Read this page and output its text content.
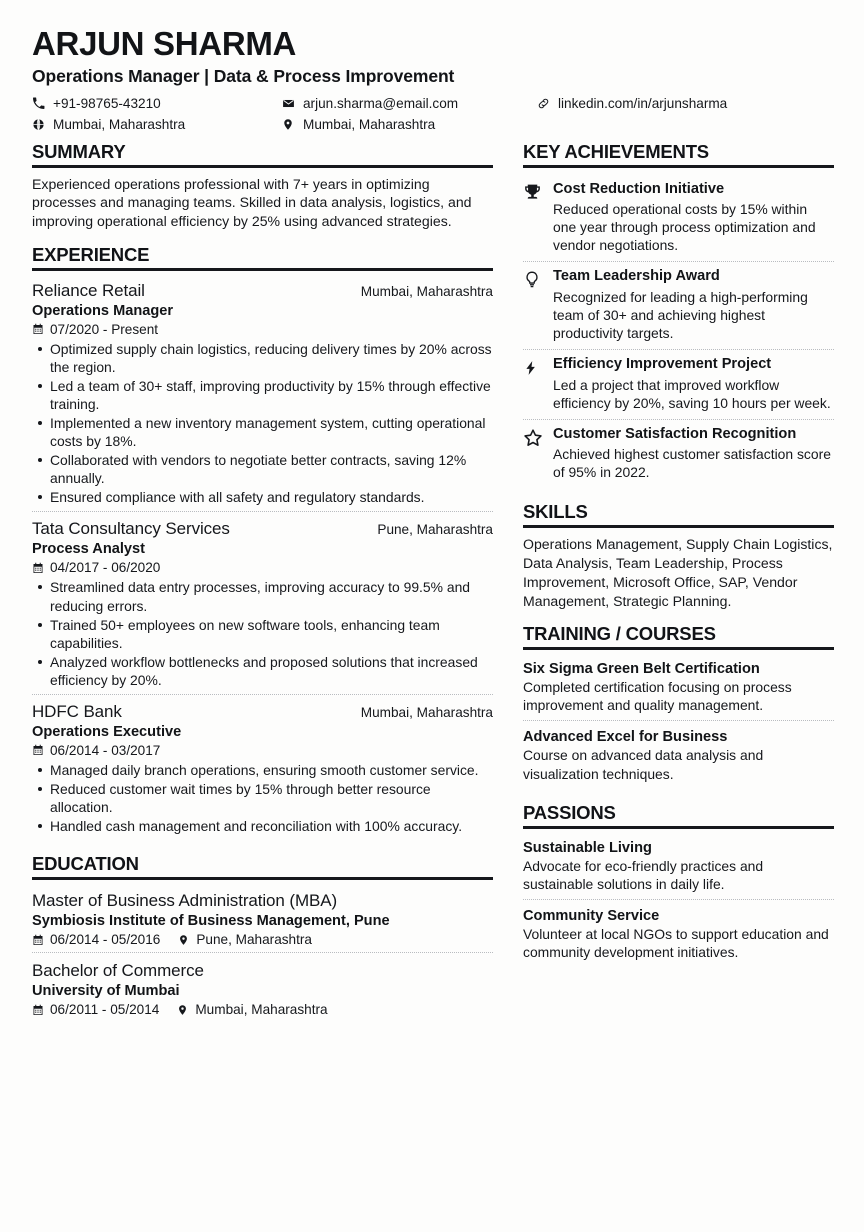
ARJUN SHARMA
Operations Manager | Data & Process Improvement
+91-98765-43210
Mumbai, Maharashtra
arjun.sharma@email.com
Mumbai, Maharashtra
linkedin.com/in/arjunsharma
SUMMARY
Experienced operations professional with 7+ years in optimizing processes and managing teams. Skilled in data analysis, logistics, and improving operational efficiency by 25% using advanced strategies.
EXPERIENCE
Reliance Retail	Mumbai, Maharashtra
Operations Manager
07/2020 - Present
Optimized supply chain logistics, reducing delivery times by 20% across the region.
Led a team of 30+ staff, improving productivity by 15% through effective training.
Implemented a new inventory management system, cutting operational costs by 18%.
Collaborated with vendors to negotiate better contracts, saving 12% annually.
Ensured compliance with all safety and regulatory standards.
Tata Consultancy Services	Pune, Maharashtra
Process Analyst
04/2017 - 06/2020
Streamlined data entry processes, improving accuracy to 99.5% and reducing errors.
Trained 50+ employees on new software tools, enhancing team capabilities.
Analyzed workflow bottlenecks and proposed solutions that increased efficiency by 20%.
HDFC Bank	Mumbai, Maharashtra
Operations Executive
06/2014 - 03/2017
Managed daily branch operations, ensuring smooth customer service.
Reduced customer wait times by 15% through better resource allocation.
Handled cash management and reconciliation with 100% accuracy.
EDUCATION
Master of Business Administration (MBA)
Symbiosis Institute of Business Management, Pune
06/2014 - 05/2016	Pune, Maharashtra
Bachelor of Commerce
University of Mumbai
06/2011 - 05/2014	Mumbai, Maharashtra
KEY ACHIEVEMENTS
Cost Reduction Initiative
Reduced operational costs by 15% within one year through process optimization and vendor negotiations.
Team Leadership Award
Recognized for leading a high-performing team of 30+ and achieving highest productivity targets.
Efficiency Improvement Project
Led a project that improved workflow efficiency by 20%, saving 10 hours per week.
Customer Satisfaction Recognition
Achieved highest customer satisfaction score of 95% in 2022.
SKILLS
Operations Management, Supply Chain Logistics, Data Analysis, Team Leadership, Process Improvement, Microsoft Office, SAP, Vendor Management, Strategic Planning.
TRAINING / COURSES
Six Sigma Green Belt Certification
Completed certification focusing on process improvement and quality management.
Advanced Excel for Business
Course on advanced data analysis and visualization techniques.
PASSIONS
Sustainable Living
Advocate for eco-friendly practices and sustainable solutions in daily life.
Community Service
Volunteer at local NGOs to support education and community development initiatives.
